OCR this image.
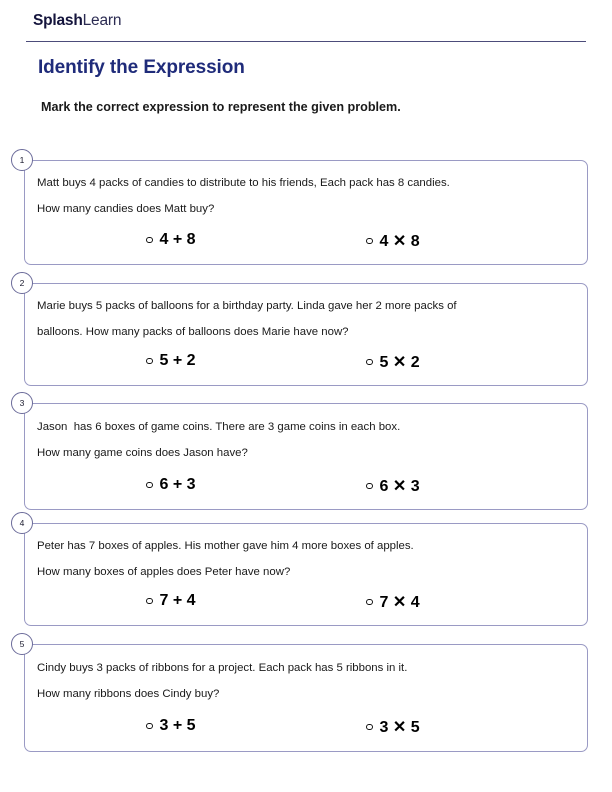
SplashLearn
Identify the Expression

Mark the correct expression to represent the given problem.

1
Matt buys 4 packs of candies to distribute to his friends, Each pack has 8 candies.
How many candies does Matt buy?
4 + 8	4 ✕ 8
2
Marie buys 5 packs of balloons for a birthday party. Linda gave her 2 more packs of
balloons. How many packs of balloons does Marie have now?
5 + 2	5 ✕ 2
3
Jason  has 6 boxes of game coins. There are 3 game coins in each box.
How many game coins does Jason have?
6 + 3	6 ✕ 3
4
Peter has 7 boxes of apples. His mother gave him 4 more boxes of apples.
How many boxes of apples does Peter have now?
7 + 4	7 ✕ 4
5
Cindy buys 3 packs of ribbons for a project. Each pack has 5 ribbons in it.
How many ribbons does Cindy buy?
3 + 5	3 ✕ 5
